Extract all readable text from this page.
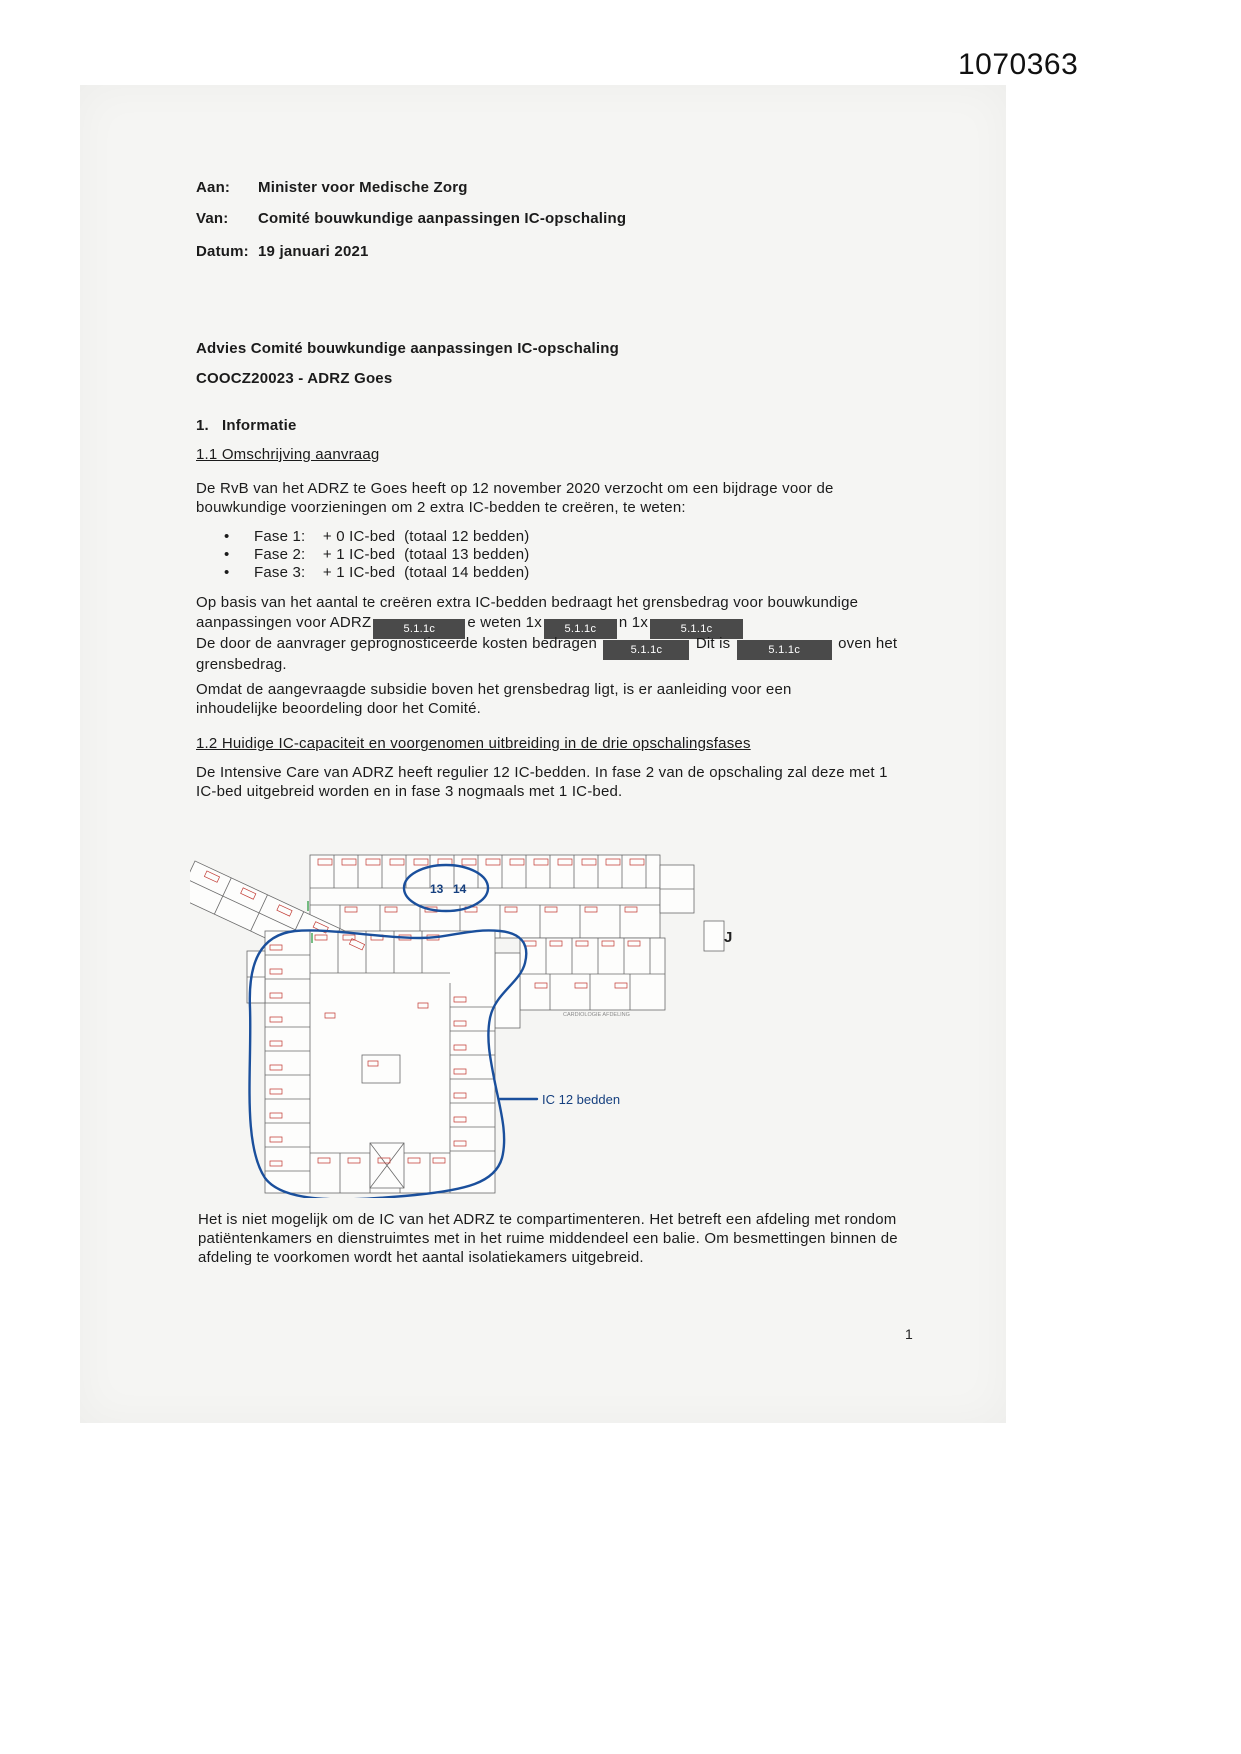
1070363
Aan: Minister voor Medische Zorg
Van: Comité bouwkundige aanpassingen IC-opschaling
Datum: 19 januari 2021
Advies Comité bouwkundige aanpassingen IC-opschaling
COOCZ20023 - ADRZ Goes
1.   Informatie
1.1 Omschrijving aanvraag
De RvB van het ADRZ te Goes heeft op 12 november 2020 verzocht om een bijdrage voor de bouwkundige voorzieningen om 2 extra IC-bedden te creëren, te weten:
• Fase 1:    + 0 IC-bed  (totaal 12 bedden)
• Fase 2:    + 1 IC-bed  (totaal 13 bedden)
• Fase 3:    + 1 IC-bed  (totaal 14 bedden)
Op basis van het aantal te creëren extra IC-bedden bedraagt het grensbedrag voor bouwkundige
aanpassingen voor ADRZ	5.1.1c e weten 1x 5.1.1c n 1x	5.1.1c
De door de aanvrager geprognosticeerde kosten bedragen	5.1.1c Dit is	5.1.1c	oven het
grensbedrag.
Omdat de aangevraagde subsidie boven het grensbedrag ligt, is er aanleiding voor een inhoudelijke beoordeling door het Comité.
1.2 Huidige IC-capaciteit en voorgenomen uitbreiding in de drie opschalingsfases
De Intensive Care van ADRZ heeft regulier 12 IC-bedden. In fase 2 van de opschaling zal deze met 1 IC-bed uitgebreid worden en in fase 3 nogmaals met 1 IC-bed.
13 14
J
IC 12 bedden
CARDIOLOGIE AFDELING
Het is niet mogelijk om de IC van het ADRZ te compartimenteren. Het betreft een afdeling met rondom patiëntenkamers en dienstruimtes met in het ruime middendeel een balie. Om besmettingen binnen de afdeling te voorkomen wordt het aantal isolatiekamers uitgebreid.
1
